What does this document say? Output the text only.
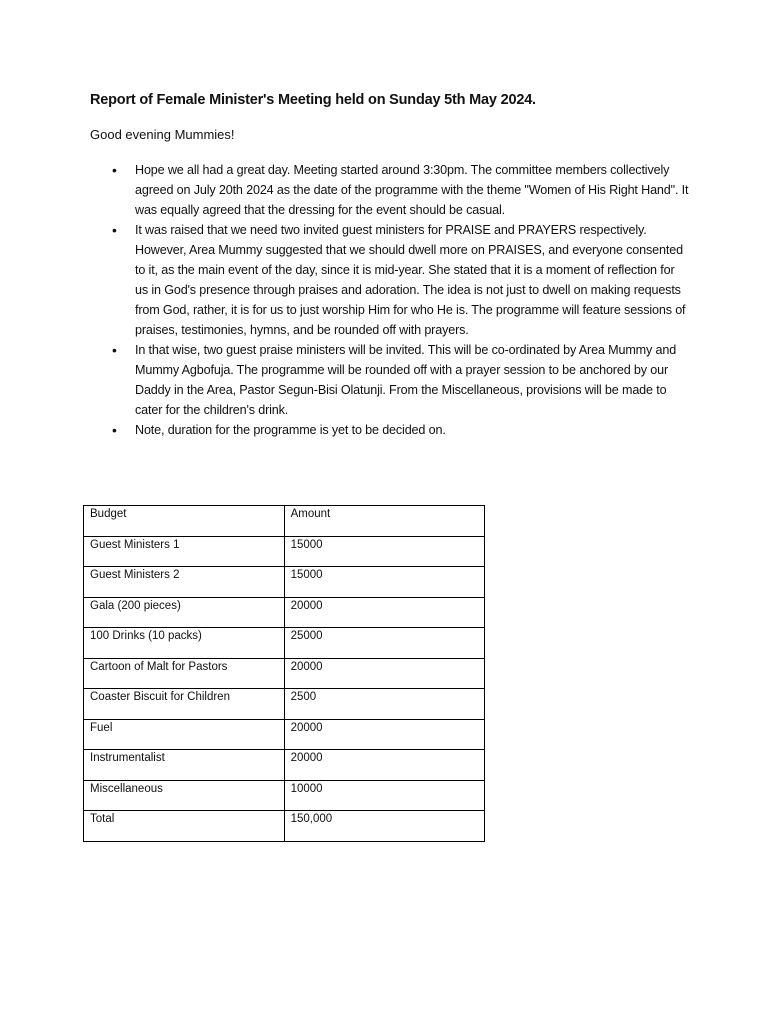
Report of Female Minister's Meeting held on Sunday 5th May 2024.
Good evening Mummies!
• Hope we all had a great day. Meeting started around 3:30pm. The committee members collectively agreed on July 20th 2024 as the date of the programme with the theme "Women of His Right Hand". It was equally agreed that the dressing for the event should be casual.
• It was raised that we need two invited guest ministers for PRAISE and PRAYERS respectively. However, Area Mummy suggested that we should dwell more on PRAISES, and everyone consented to it, as the main event of the day, since it is mid-year. She stated that it is a moment of reflection for us in God's presence through praises and adoration. The idea is not just to dwell on making requests from God, rather, it is for us to just worship Him for who He is. The programme will feature sessions of praises, testimonies, hymns, and be rounded off with prayers.
• In that wise, two guest praise ministers will be invited. This will be co-ordinated by Area Mummy and Mummy Agbofuja. The programme will be rounded off with a prayer session to be anchored by our Daddy in the Area, Pastor Segun-Bisi Olatunji. From the Miscellaneous, provisions will be made to cater for the children's drink.
• Note, duration for the programme is yet to be decided on.
Budget	Amount
Guest Ministers 1	15000
Guest Ministers 2	15000
Gala (200 pieces)	20000
100 Drinks (10 packs)	25000
Cartoon of Malt for Pastors	20000
Coaster Biscuit for Children	2500
Fuel	20000
Instrumentalist	20000
Miscellaneous	10000
Total	150,000
